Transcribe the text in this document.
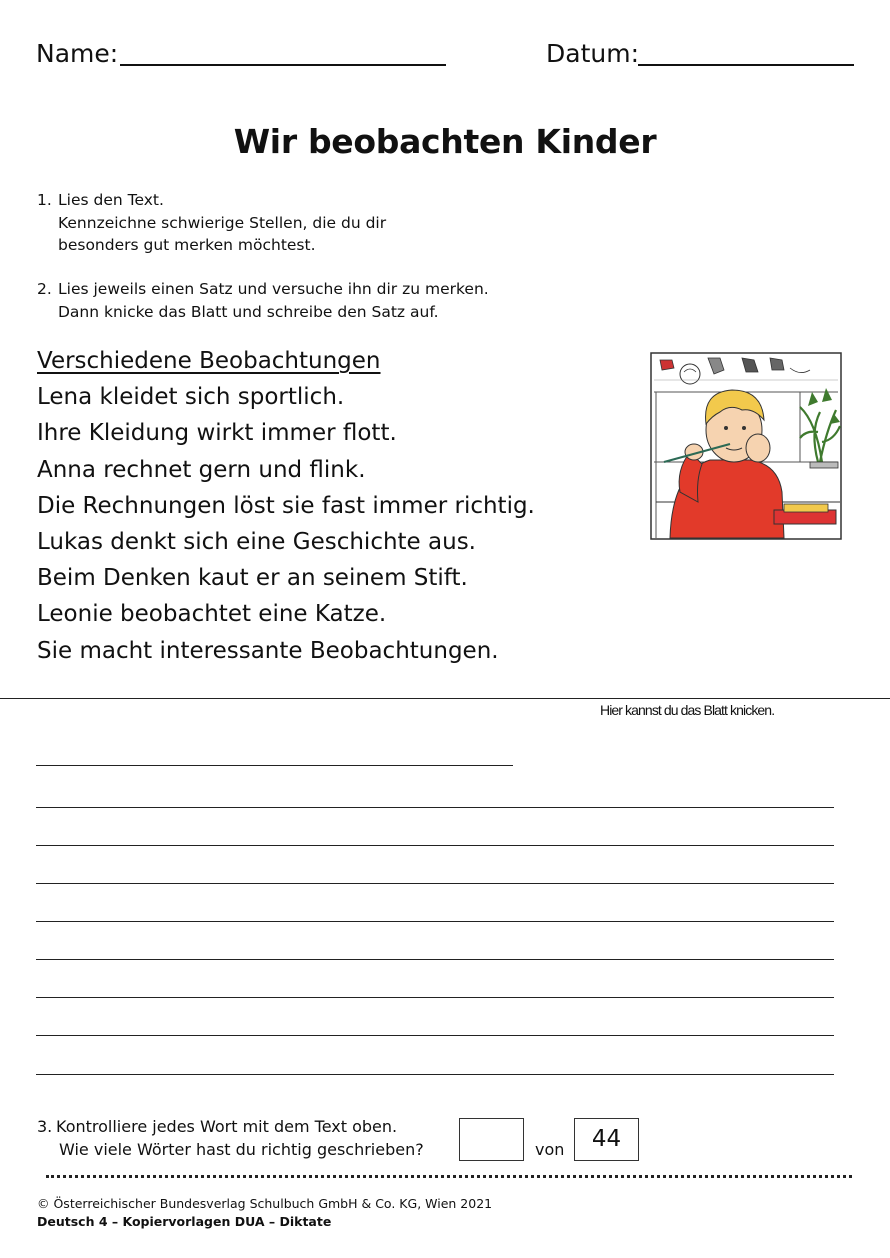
Name:	Datum:
Wir beobachten Kinder
1. Lies den Text.
Kennzeichne schwierige Stellen, die du dir
besonders gut merken möchtest.
2. Lies jeweils einen Satz und versuche ihn dir zu merken.
Dann knicke das Blatt und schreibe den Satz auf.
Verschiedene Beobachtungen
Lena kleidet sich sportlich.
Ihre Kleidung wirkt immer flott.
Anna rechnet gern und flink.
Die Rechnungen löst sie fast immer richtig.
Lukas denkt sich eine Geschichte aus.
Beim Denken kaut er an seinem Stift.
Leonie beobachtet eine Katze.
Sie macht interessante Beobachtungen.
Hier kannst du das Blatt knicken.
3. Kontrolliere jedes Wort mit dem Text oben.
Wie viele Wörter hast du richtig geschrieben?	von	44
© Österreichischer Bundesverlag Schulbuch GmbH & Co. KG, Wien 2021
Deutsch 4 – Kopiervorlagen DUA – Diktate
